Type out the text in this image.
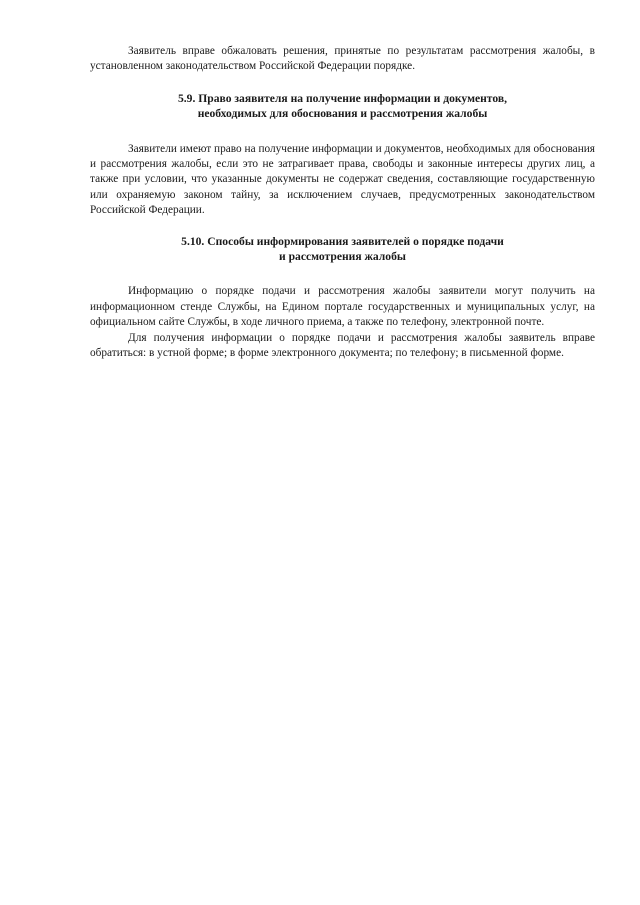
Заявитель вправе обжаловать решения, принятые по результатам рассмотрения жалобы, в установленном законодательством Российской Федерации порядке.

5.9. Право заявителя на получение информации и документов,
необходимых для обоснования и рассмотрения жалобы

Заявители имеют право на получение информации и документов, необходимых для обоснования и рассмотрения жалобы, если это не затрагивает права, свободы и законные интересы других лиц, а также при условии, что указанные документы не содержат сведения, составляющие государственную или охраняемую законом тайну, за исключением случаев, предусмотренных законодательством Российской Федерации.

5.10. Способы информирования заявителей о порядке подачи
и рассмотрения жалобы

Информацию о порядке подачи и рассмотрения жалобы заявители могут получить на информационном стенде Службы, на Едином портале государственных и муниципальных услуг, на официальном сайте Службы, в ходе личного приема, а также по телефону, электронной почте.

Для получения информации о порядке подачи и рассмотрения жалобы заявитель вправе обратиться: в устной форме; в форме электронного документа; по телефону; в письменной форме.
